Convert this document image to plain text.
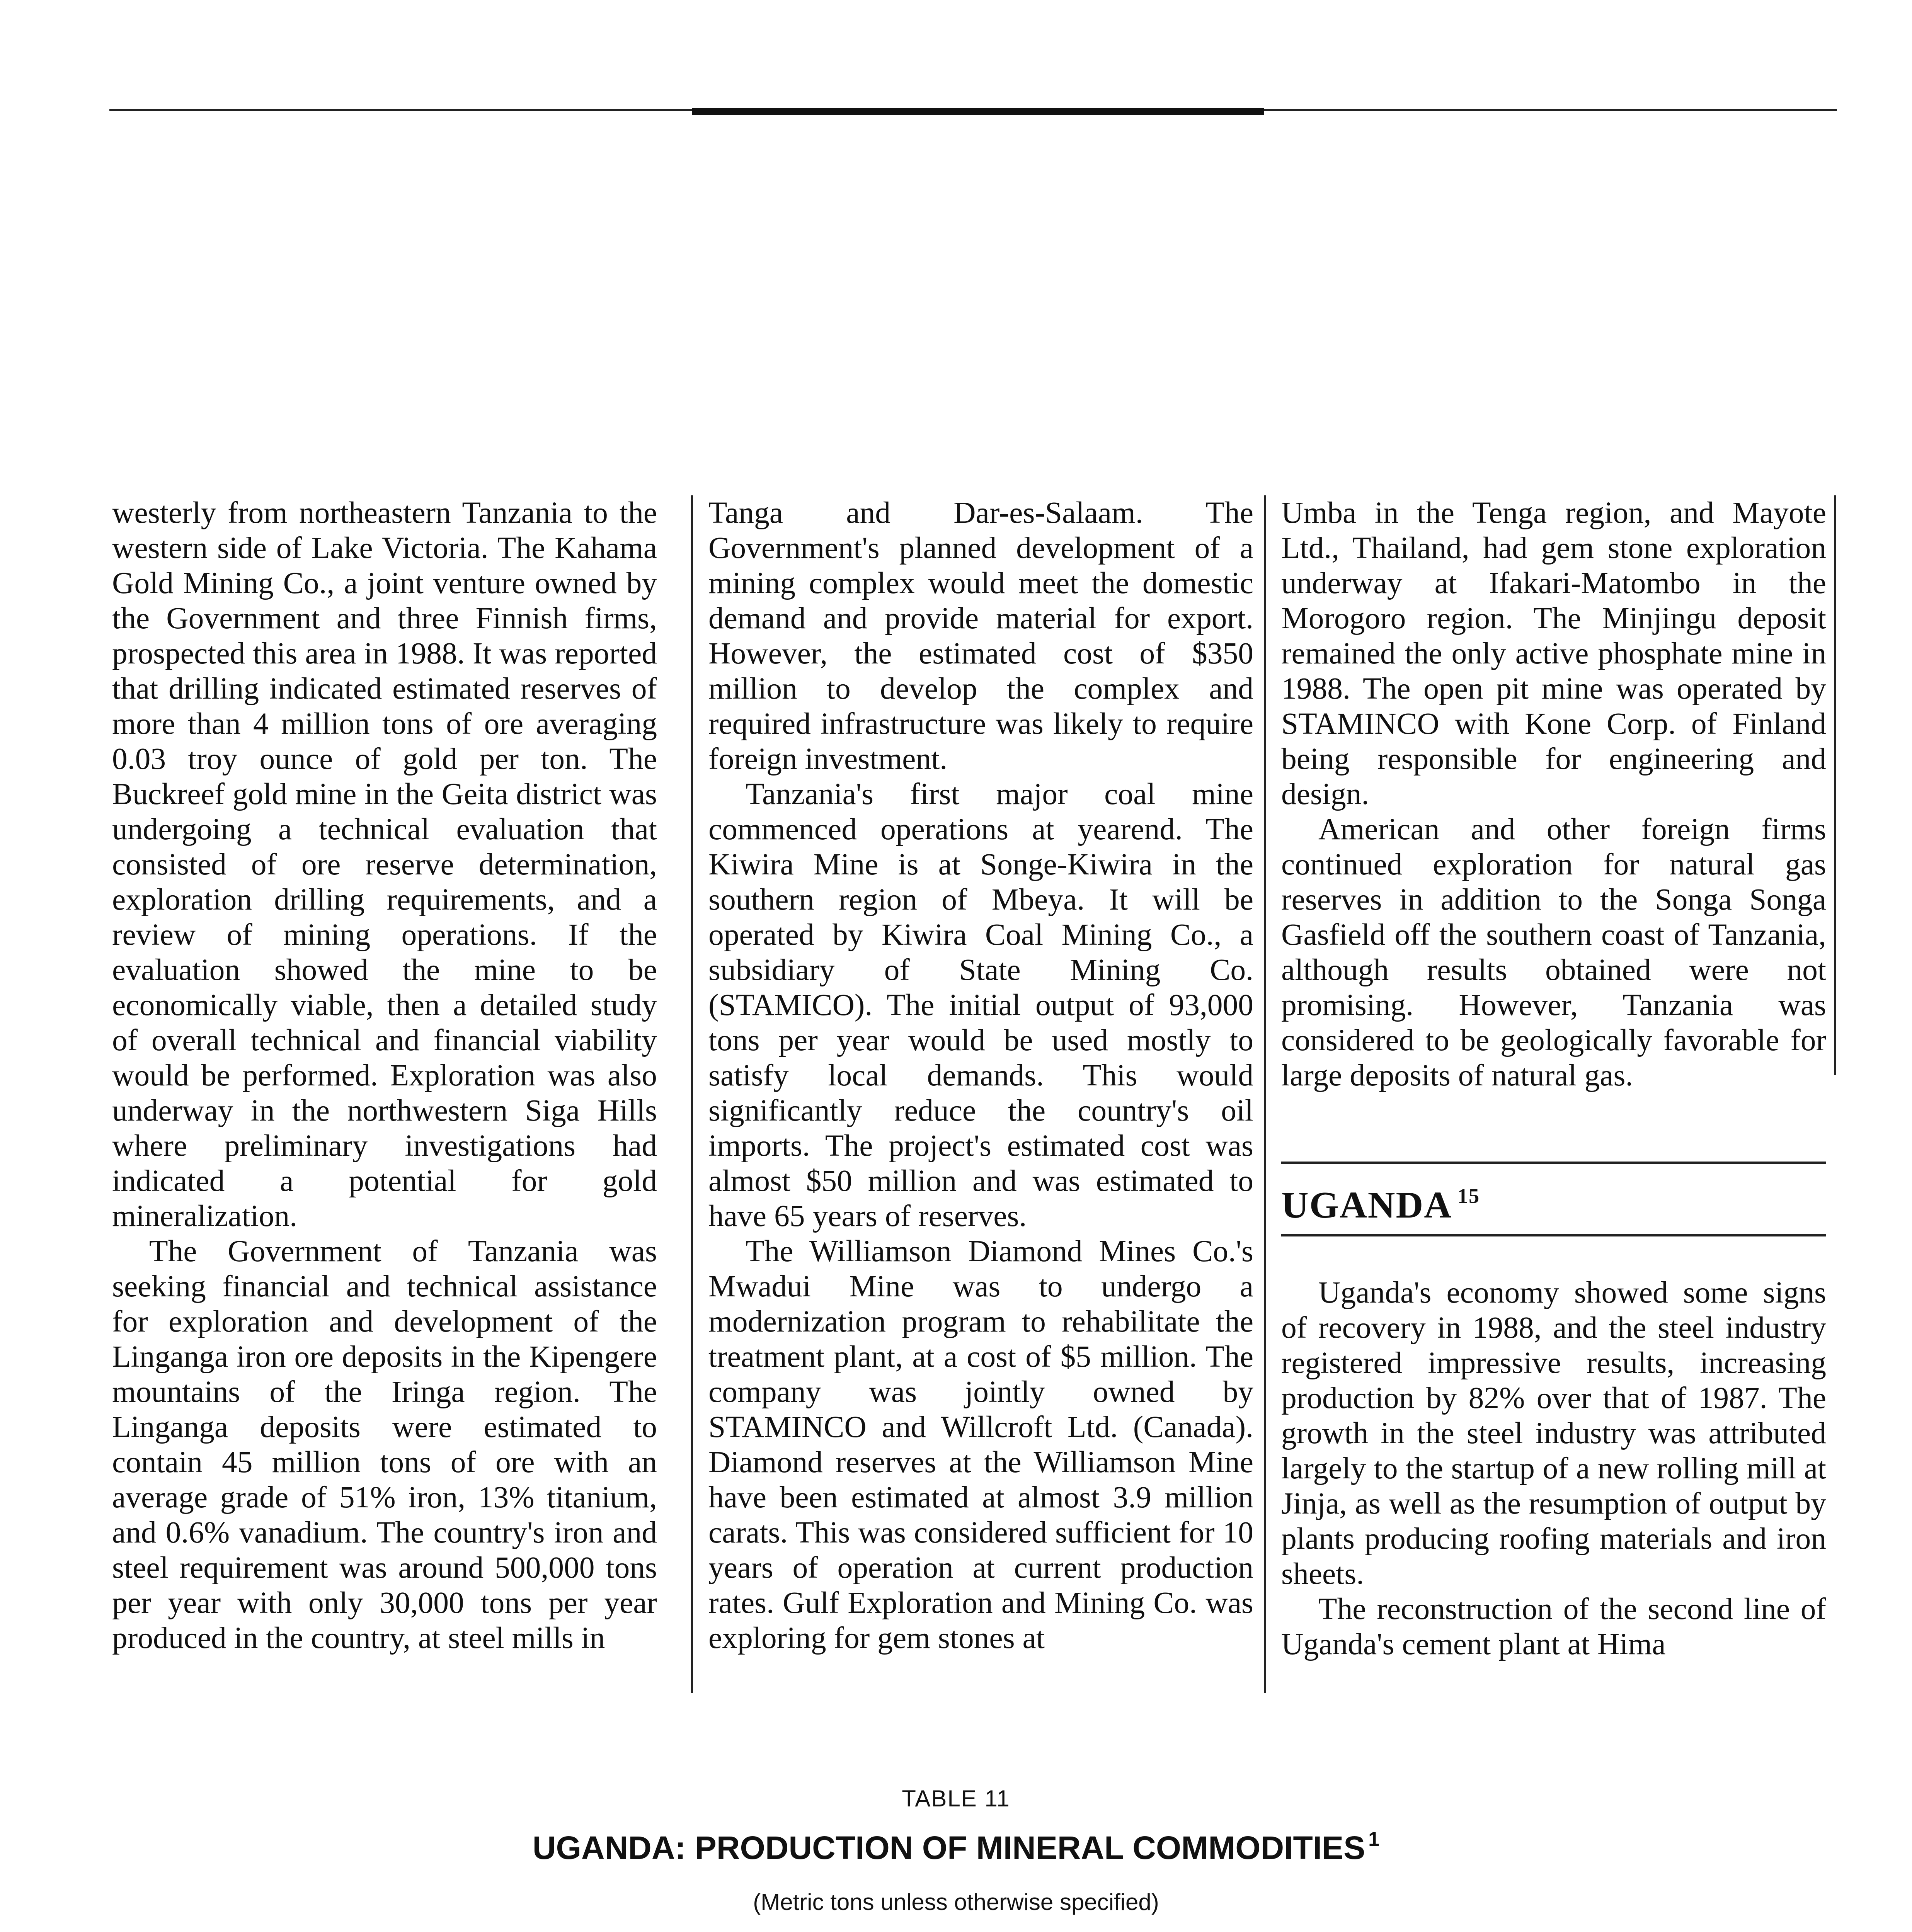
westerly from northeastern Tanzania to the western side of Lake Victoria. The Kahama Gold Mining Co., a joint venture owned by the Government and three Finnish firms, prospected this area in 1988. It was reported that drilling indicated estimated reserves of more than 4 million tons of ore averaging 0.03 troy ounce of gold per ton. The Buckreef gold mine in the Geita district was undergoing a technical evaluation that consisted of ore reserve determination, exploration drilling requirements, and a review of mining operations. If the evaluation showed the mine to be economically viable, then a detailed study of overall technical and financial viability would be performed. Exploration was also underway in the northwestern Siga Hills where preliminary investigations had indicated a potential for gold mineralization.

The Government of Tanzania was seeking financial and technical assistance for exploration and development of the Linganga iron ore deposits in the Kipengere mountains of the Iringa region. The Linganga deposits were estimated to contain 45 million tons of ore with an average grade of 51% iron, 13% titanium, and 0.6% vanadium. The country's iron and steel requirement was around 500,000 tons per year with only 30,000 tons per year produced in the country, at steel mills in

Tanga and Dar-es-Salaam. The Government's planned development of a mining complex would meet the domestic demand and provide material for export. However, the estimated cost of $350 million to develop the complex and required infrastructure was likely to require foreign investment.

Tanzania's first major coal mine commenced operations at yearend. The Kiwira Mine is at Songe-Kiwira in the southern region of Mbeya. It will be operated by Kiwira Coal Mining Co., a subsidiary of State Mining Co. (STAMICO). The initial output of 93,000 tons per year would be used mostly to satisfy local demands. This would significantly reduce the country's oil imports. The project's estimated cost was almost $50 million and was estimated to have 65 years of reserves.

The Williamson Diamond Mines Co.'s Mwadui Mine was to undergo a modernization program to rehabilitate the treatment plant, at a cost of $5 million. The company was jointly owned by STAMINCO and Willcroft Ltd. (Canada). Diamond reserves at the Williamson Mine have been estimated at almost 3.9 million carats. This was considered sufficient for 10 years of operation at current production rates. Gulf Exploration and Mining Co. was exploring for gem stones at

Umba in the Tenga region, and Mayote Ltd., Thailand, had gem stone exploration underway at Ifakari-Matombo in the Morogoro region. The Minjingu deposit remained the only active phosphate mine in 1988. The open pit mine was operated by STAMINCO with Kone Corp. of Finland being responsible for engineering and design.

American and other foreign firms continued exploration for natural gas reserves in addition to the Songa Songa Gasfield off the southern coast of Tanzania, although results obtained were not promising. However, Tanzania was considered to be geologically favorable for large deposits of natural gas.

UGANDA $^{15}$

Uganda's economy showed some signs of recovery in 1988, and the steel industry registered impressive results, increasing production by 82% over that of 1987. The growth in the steel industry was attributed largely to the startup of a new rolling mill at Jinja, as well as the resumption of output by plants producing roofing materials and iron sheets.

The reconstruction of the second line of Uganda's cement plant at Hima

TABLE 11
UGANDA: PRODUCTION OF MINERAL COMMODITIES $^1$
(Metric tons unless otherwise specified)
